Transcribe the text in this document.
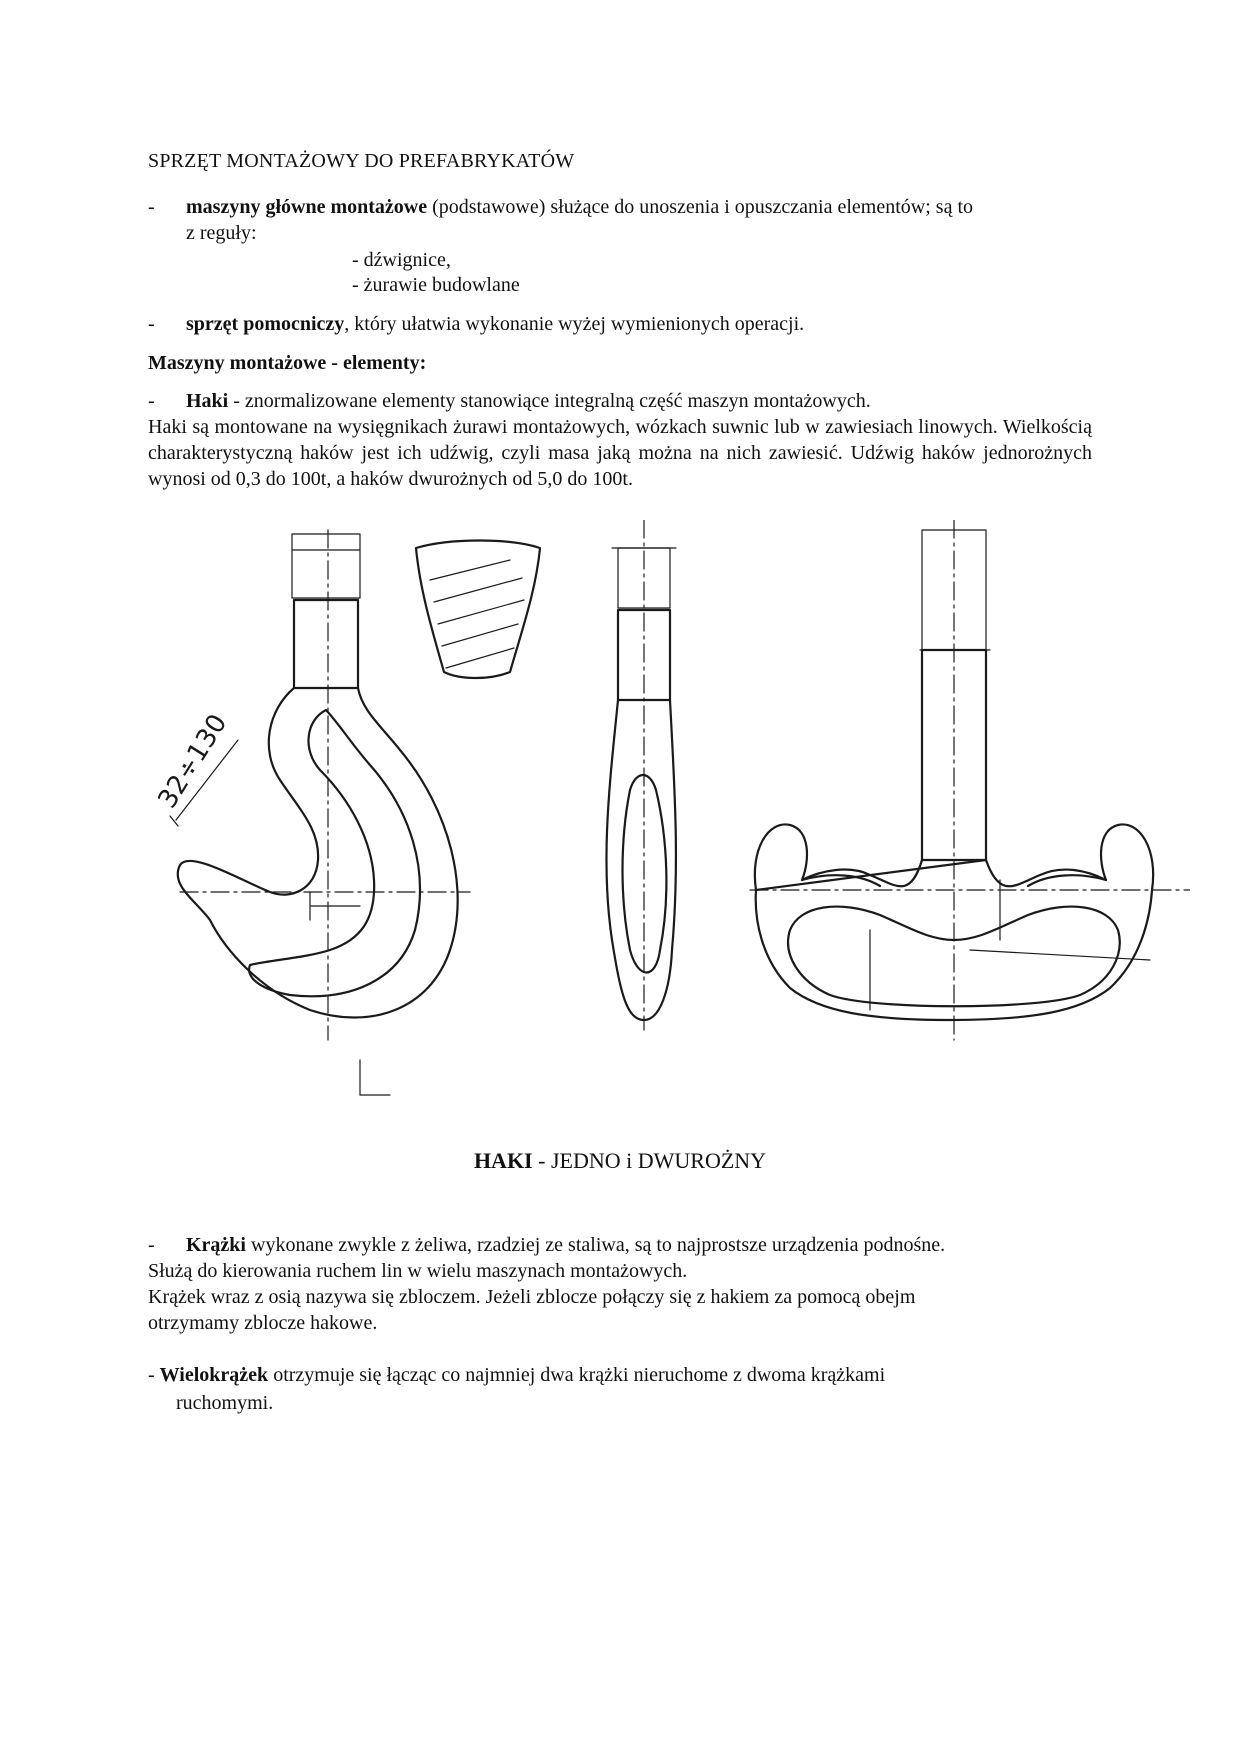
SPRZĘT MONTAŻOWY DO PREFABRYKATÓW
- maszyny główne montażowe (podstawowe) służące do unoszenia i opuszczania elementów; są to
z reguły:
- dźwignice,
- żurawie budowlane
- sprzęt pomocniczy, który ułatwia wykonanie wyżej wymienionych operacji.
Maszyny montażowe - elementy:
- Haki - znormalizowane elementy stanowiące integralną część maszyn montażowych.
Haki są montowane na wysięgnikach żurawi montażowych, wózkach suwnic lub w zawiesiach linowych. Wielkością charakterystyczną haków jest ich udźwig, czyli masa jaką można na nich zawiesić. Udźwig haków jednorożnych wynosi od 0,3 do 100t, a haków dwurożnych od 5,0 do 100t.
32÷130
HAKI - JEDNO i DWUROŻNY
- Krążki wykonane zwykle z żeliwa, rzadziej ze staliwa, są to najprostsze urządzenia podnośne.
Służą do kierowania ruchem lin w wielu maszynach montażowych.
Krążek wraz z osią nazywa się zbloczem. Jeżeli zblocze połączy się z hakiem za pomocą obejm
otrzymamy zblocze hakowe.
- Wielokrążek otrzymuje się łącząc co najmniej dwa krążki nieruchome z dwoma krążkami
ruchomymi.
